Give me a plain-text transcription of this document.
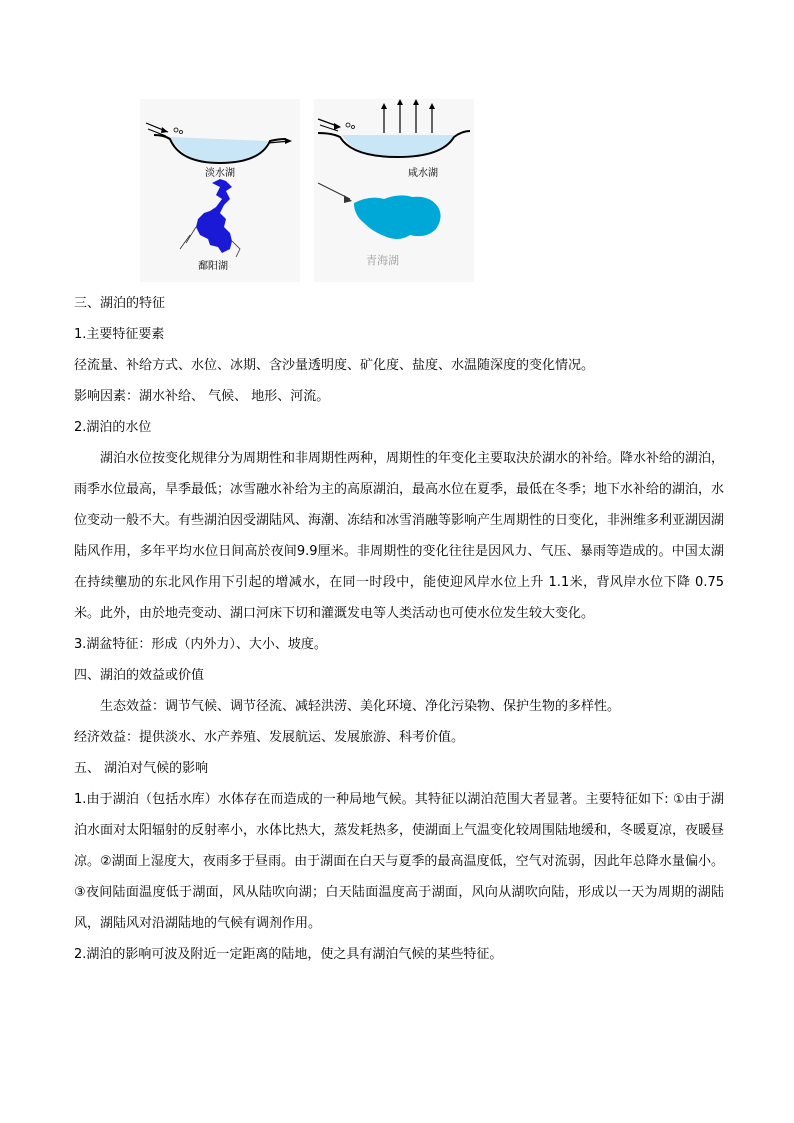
淡水湖
鄱阳湖
咸水湖
青海湖

三、湖泊的特征

1.主要特征要素

径流量、补给方式、水位、冰期、含沙量透明度、矿化度、盐度、水温随深度的变化情况。

影响因素：湖水补给、 气候、 地形、河流。

2.湖泊的水位

湖泊水位按变化规律分为周期性和非周期性两种，周期性的年变化主要取決於湖水的补给。降水补给的湖泊，雨季水位最高，旱季最低；冰雪融水补给为主的高原湖泊，最高水位在夏季，最低在冬季；地下水补给的湖泊，水位变动一般不大。有些湖泊因受湖陆风、海潮、冻结和冰雪消融等影响产生周期性的日变化，非洲维多利亚湖因湖陆风作用，多年平均水位日间高於夜间9.9厘米。非周期性的变化往往是因风力、气压、暴雨等造成的。中国太湖在持续壟劢的东北风作用下引起的增减水，在同一时段中，能使迎风岸水位上升 1.1米，背风岸水位下降 0.75米。此外，由於地壳变动、湖口河床下切和灌溉发电等人类活动也可使水位发生较大变化。

3.湖盆特征：形成（内外力）、大小、坡度。

四、湖泊的效益或价值

生态效益：调节气候、调节径流、减轻洪涝、美化环境、净化污染物、保护生物的多样性。

经济效益：提供淡水、水产养殖、发展航运、发展旅游、科考价值。

五、 湖泊对气候的影响

1.由于湖泊（包括水库）水体存在而造成的一种局地气候。其特征以湖泊范围大者显著。主要特征如下: ①由于湖泊水面对太阳辐射的反射率小，水体比热大，蒸发耗热多，使湖面上气温变化较周围陆地缓和，冬暖夏凉，夜暖昼凉。②湖面上湿度大，夜雨多于昼雨。由于湖面在白天与夏季的最高温度低，空气对流弱，因此年总降水量偏小。③夜间陆面温度低于湖面，风从陆吹向湖；白天陆面温度高于湖面，风向从湖吹向陆，形成以一天为周期的湖陆风，湖陆风对沿湖陆地的气候有调剂作用。

2.湖泊的影响可波及附近一定距离的陆地，使之具有湖泊气候的某些特征。
